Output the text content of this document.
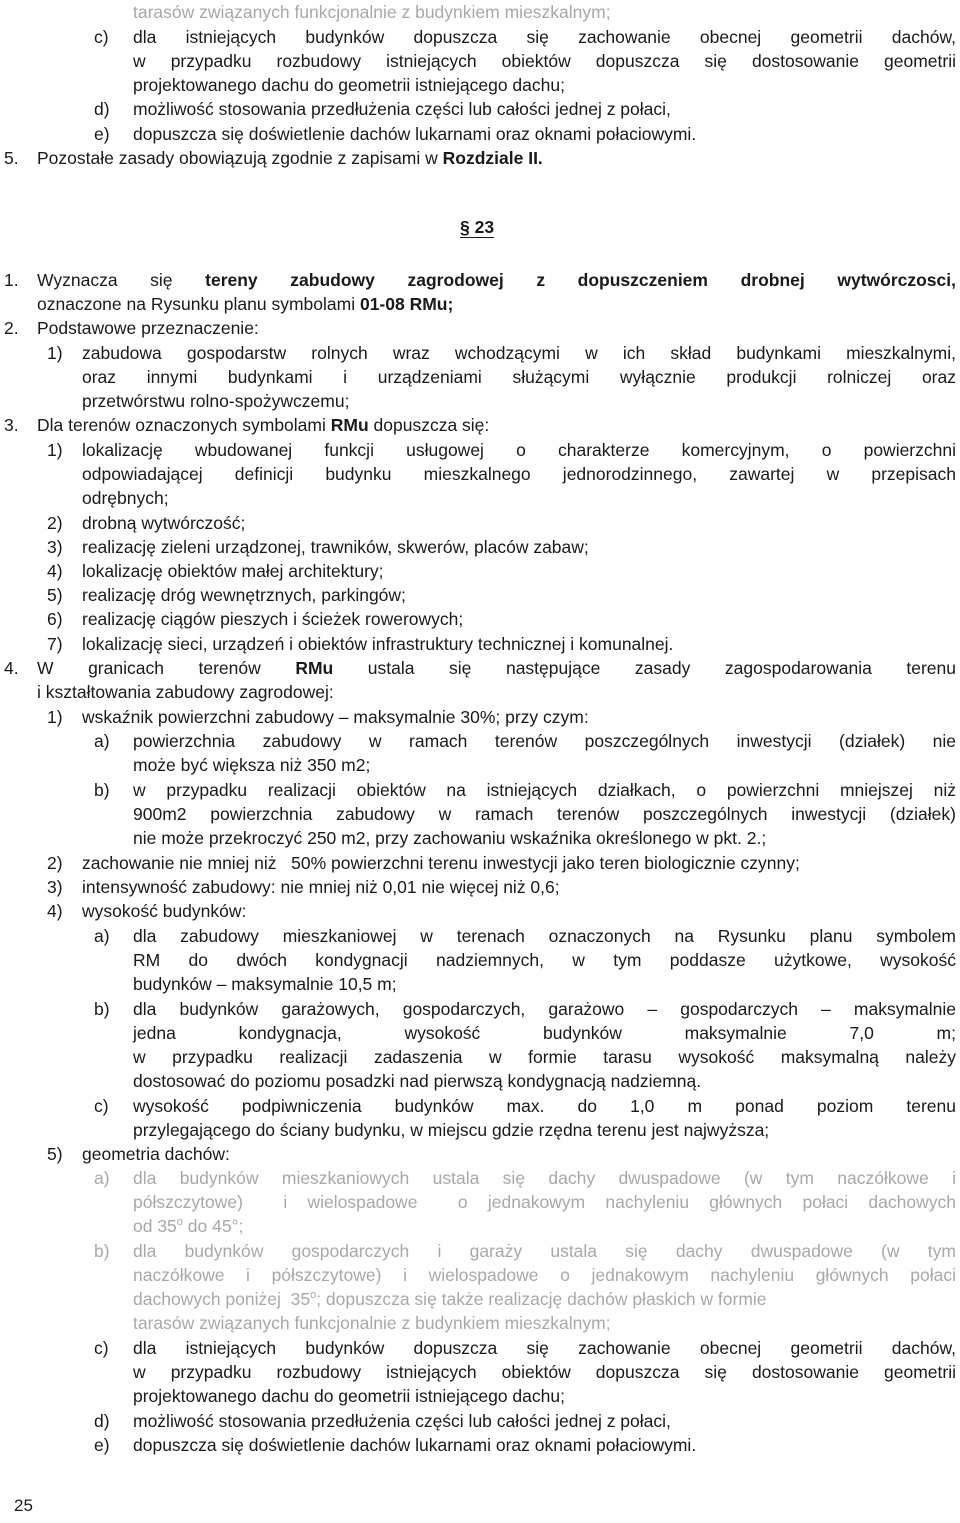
tarasów związanych funkcjonalnie z budynkiem mieszkalnym;
c) dla istniejących budynków dopuszcza się zachowanie obecnej geometrii dachów,
w przypadku rozbudowy istniejących obiektów dopuszcza się dostosowanie geometrii
projektowanego dachu do geometrii istniejącego dachu;
d) możliwość stosowania przedłużenia części lub całości jednej z połaci,
e) dopuszcza się doświetlenie dachów lukarnami oraz oknami połaciowymi.
5. Pozostałe zasady obowiązują zgodnie z zapisami w Rozdziale II.
§ 23
1. Wyznacza się tereny zabudowy zagrodowej z dopuszczeniem drobnej wytwórczosci,
oznaczone na Rysunku planu symbolami 01-08 RMu;
2. Podstawowe przeznaczenie:
1) zabudowa gospodarstw rolnych wraz wchodzącymi w ich skład budynkami mieszkalnymi,
oraz innymi budynkami i urządzeniami służącymi wyłącznie produkcji rolniczej oraz
przetwórstwu rolno-spożywczemu;
3. Dla terenów oznaczonych symbolami RMu dopuszcza się:
1) lokalizację wbudowanej funkcji usługowej o charakterze komercyjnym, o powierzchni
odpowiadającej definicji budynku mieszkalnego jednorodzinnego, zawartej w przepisach
odrębnych;
2) drobną wytwórczość;
3) realizację zieleni urządzonej, trawników, skwerów, placów zabaw;
4) lokalizację obiektów małej architektury;
5) realizację dróg wewnętrznych, parkingów;
6) realizację ciągów pieszych i ścieżek rowerowych;
7) lokalizację sieci, urządzeń i obiektów infrastruktury technicznej i komunalnej.
4. W granicach terenów RMu ustala się następujące zasady zagospodarowania terenu
i kształtowania zabudowy zagrodowej:
1) wskaźnik powierzchni zabudowy – maksymalnie 30%; przy czym:
a) powierzchnia zabudowy w ramach terenów poszczególnych inwestycji (działek) nie
może być większa niż 350 m2;
b) w przypadku realizacji obiektów na istniejących działkach, o powierzchni mniejszej niż
900m2 powierzchnia zabudowy w ramach terenów poszczególnych inwestycji (działek)
nie może przekroczyć 250 m2, przy zachowaniu wskaźnika określonego w pkt. 2.;
2) zachowanie nie mniej niż   50% powierzchni terenu inwestycji jako teren biologicznie czynny;
3) intensywność zabudowy: nie mniej niż 0,01 nie więcej niż 0,6;
4) wysokość budynków:
a) dla zabudowy mieszkaniowej w terenach oznaczonych na Rysunku planu symbolem
RM do dwóch kondygnacji nadziemnych, w tym poddasze użytkowe, wysokość
budynków – maksymalnie 10,5 m;
b) dla budynków garażowych, gospodarczych, garażowo – gospodarczych – maksymalnie
jedna kondygnacja, wysokość budynków maksymalnie 7,0 m;
w przypadku realizacji zadaszenia w formie tarasu wysokość maksymalną należy
dostosować do poziomu posadzki nad pierwszą kondygnacją nadziemną.
c) wysokość podpiwniczenia budynków max. do 1,0 m ponad poziom terenu
przylegającego do ściany budynku, w miejscu gdzie rzędna terenu jest najwyższa;
5) geometria dachów:
a) dla budynków mieszkaniowych ustala się dachy dwuspadowe (w tym naczółkowe i
półszczytowe)  i wielospadowe  o jednakowym nachyleniu głównych połaci dachowych
od 35$^o$ do 45°;
b) dla budynków gospodarczych i garaży ustala się dachy dwuspadowe (w tym
naczółkowe i półszczytowe) i wielospadowe o jednakowym nachyleniu głównych połaci
dachowych poniżej  35$^o$; dopuszcza się także realizację dachów płaskich w formie
tarasów związanych funkcjonalnie z budynkiem mieszkalnym;
c) dla istniejących budynków dopuszcza się zachowanie obecnej geometrii dachów,
w przypadku rozbudowy istniejących obiektów dopuszcza się dostosowanie geometrii
projektowanego dachu do geometrii istniejącego dachu;
d) możliwość stosowania przedłużenia części lub całości jednej z połaci,
e) dopuszcza się doświetlenie dachów lukarnami oraz oknami połaciowymi.
25
